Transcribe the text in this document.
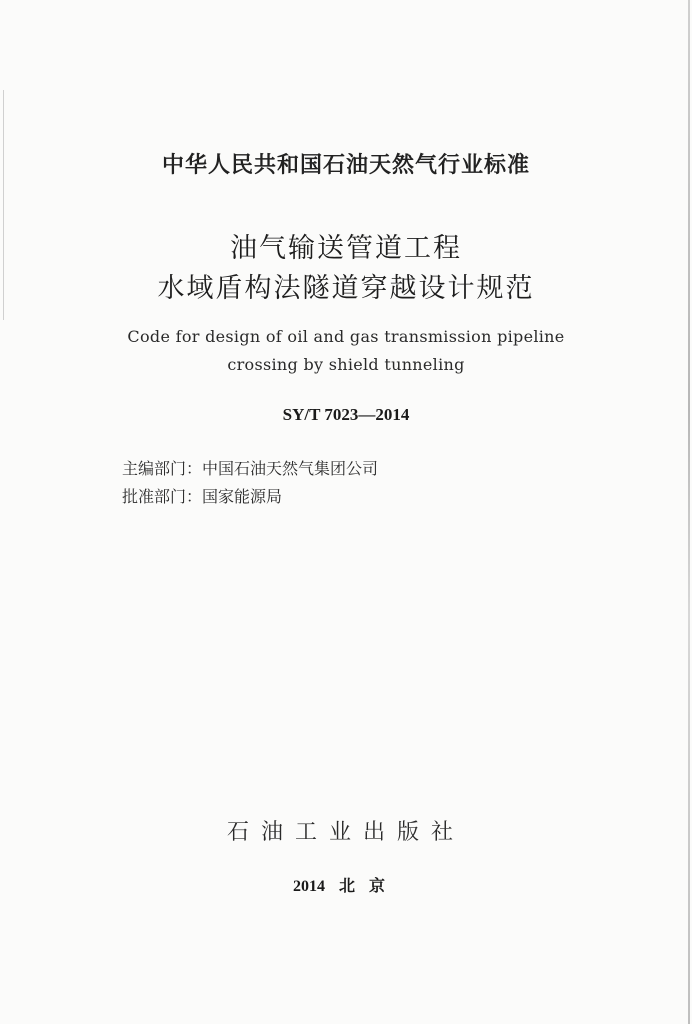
中华人民共和国石油天然气行业标准
油气输送管道工程
水域盾构法隧道穿越设计规范
Code for design of oil and gas transmission pipeline
crossing by shield tunneling
SY/T 7023—2014
主编部门：中国石油天然气集团公司
批准部门：国家能源局
石油工业出版社
2014 北京
